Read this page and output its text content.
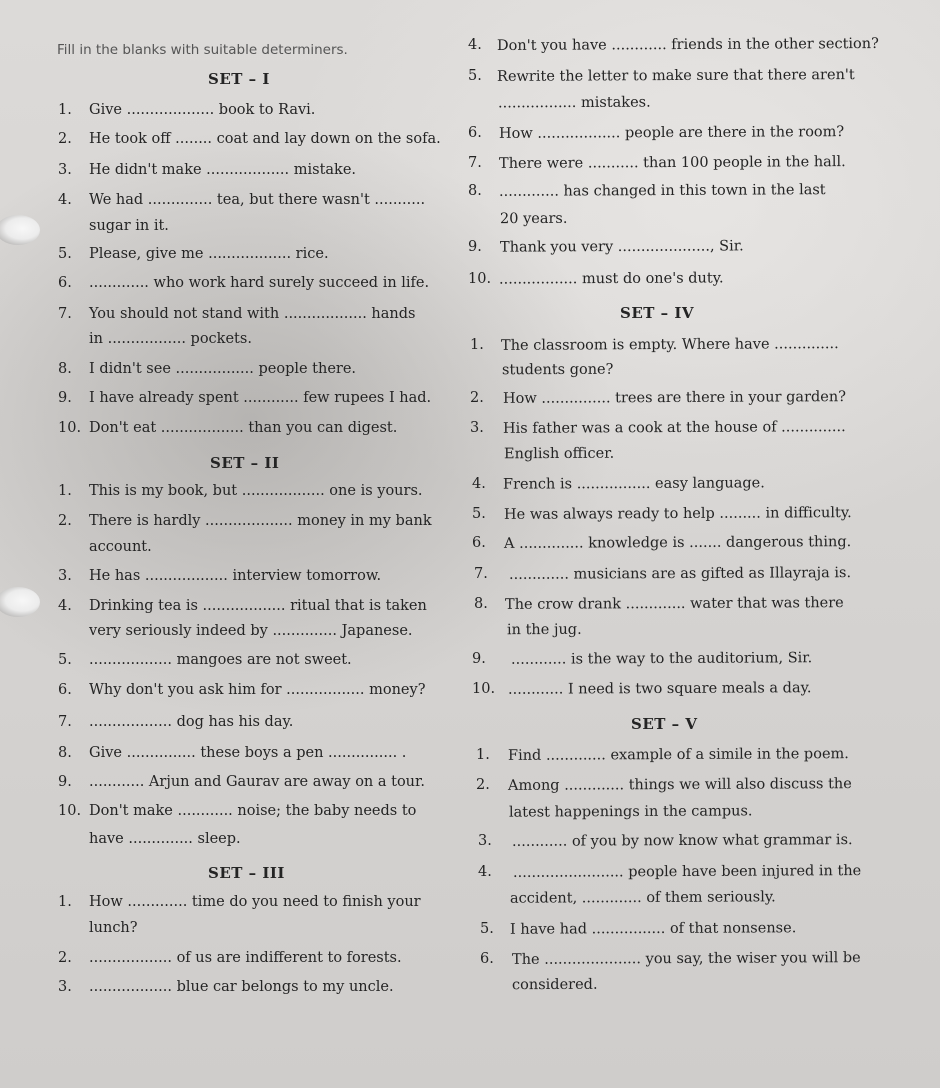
Fill in the blanks with suitable determiners.
SET – I
SET – II
SET – III
SET – IV
SET – V
1. Give ................... book to Ravi.
2. He took off ........ coat and lay down on the sofa.
3. He didn't make .................. mistake.
4. We had .............. tea, but there wasn't ...........
sugar in it.
5. Please, give me .................. rice.
6. ............. who work hard surely succeed in life.
7. You should not stand with .................. hands
in ................. pockets.
8. I didn't see ................. people there.
9. I have already spent ............ few rupees I had.
10. Don't eat .................. than you can digest.
1. This is my book, but .................. one is yours.
2. There is hardly ................... money in my bank
account.
3. He has .................. interview tomorrow.
4. Drinking tea is .................. ritual that is taken
very seriously indeed by .............. Japanese.
5. .................. mangoes are not sweet.
6. Why don't you ask him for ................. money?
7. .................. dog has his day.
8. Give ............... these boys a pen ............... .
9. ............ Arjun and Gaurav are away on a tour.
10. Don't make ............ noise; the baby needs to
have .............. sleep.
1. How ............. time do you need to finish your
lunch?
2. .................. of us are indifferent to forests.
3. .................. blue car belongs to my uncle.
4. Don't you have ............ friends in the other section?
5. Rewrite the letter to make sure that there aren't
................. mistakes.
6. How .................. people are there in the room?
7. There were ........... than 100 people in the hall.
8. ............. has changed in this town in the last
20 years.
9. Thank you very ...................., Sir.
10. ................. must do one's duty.
1. The classroom is empty. Where have ..............
students gone?
2. How ............... trees are there in your garden?
3. His father was a cook at the house of ..............
English officer.
4. French is ................ easy language.
5. He was always ready to help ......... in difficulty.
6. A .............. knowledge is ....... dangerous thing.
7. ............. musicians are as gifted as Illayraja is.
8. The crow drank ............. water that was there
in the jug.
9. ............ is the way to the auditorium, Sir.
10. ............ I need is two square meals a day.
1. Find ............. example of a simile in the poem.
2. Among ............. things we will also discuss the
latest happenings in the campus.
3. ............ of you by now know what grammar is.
4. ........................ people have been injured in the
accident, ............. of them seriously.
5. I have had ................ of that nonsense.
6. The ..................... you say, the wiser you will be
considered.
